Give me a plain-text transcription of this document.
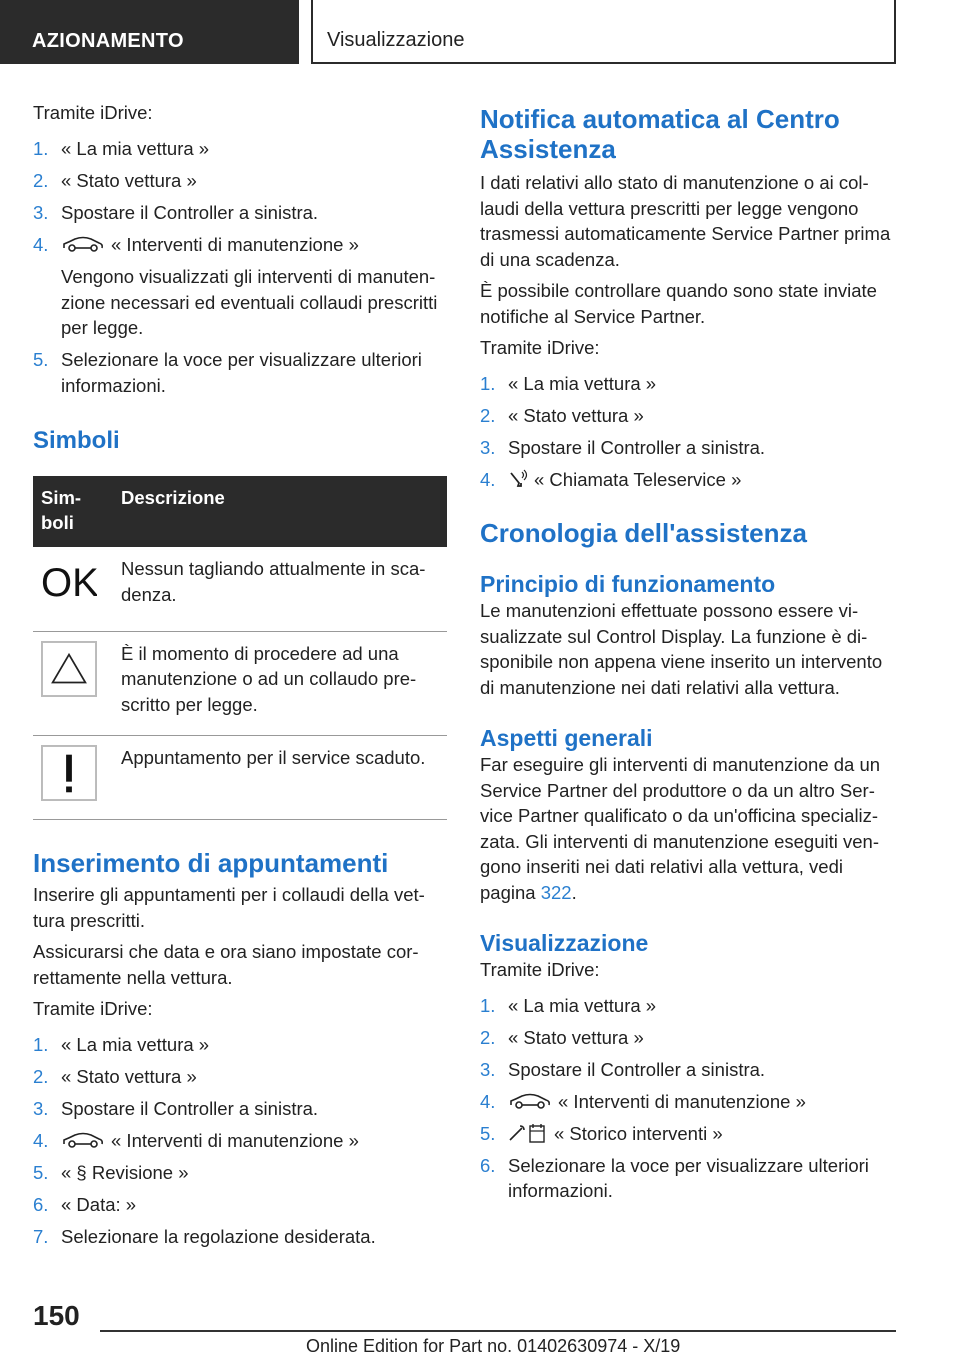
AZIONAMENTO	Visualizzazione

Tramite iDrive:

1. « La mia vettura »
2. « Stato vettura »
3. Spostare il Controller a sinistra.
4.	« Interventi di manutenzione »
Vengono visualizzati gli interventi di manuten-zione necessari ed eventuali collaudi prescritti per legge.
5. Selezionare la voce per visualizzare ulteriori informazioni.
Simboli
Sim-boli	Descrizione

OK	Nessun tagliando attualmente in sca-denza.

	È il momento di procedere ad una manutenzione o ad un collaudo pre-scritto per legge.

	Appuntamento per il service scaduto.
Inserimento di appuntamenti

Inserire gli appuntamenti per i collaudi della vet-tura prescritti.

Assicurarsi che data e ora siano impostate cor-rettamente nella vettura.

Tramite iDrive:

1. « La mia vettura »
2. « Stato vettura »
3. Spostare il Controller a sinistra.
4.	« Interventi di manutenzione »
5. « § Revisione »
6. « Data: »
7. Selezionare la regolazione desiderata.
Notifica automatica al Centro Assistenza

I dati relativi allo stato di manutenzione o ai col-laudi della vettura prescritti per legge vengono trasmessi automaticamente Service Partner prima di una scadenza.

È possibile controllare quando sono state inviate notifiche al Service Partner.

Tramite iDrive:

1. « La mia vettura »
2. « Stato vettura »
3. Spostare il Controller a sinistra.
4. « Chiamata Teleservice »
Cronologia dell'assistenza
Principio di funzionamento

Le manutenzioni effettuate possono essere vi-sualizzate sul Control Display. La funzione è di-sponibile non appena viene inserito un intervento di manutenzione nei dati relativi alla vettura.

Aspetti generali

Far eseguire gli interventi di manutenzione da un Service Partner del produttore o da un altro Ser-vice Partner qualificato o da un'officina specializ-zata. Gli interventi di manutenzione eseguiti ven-gono inseriti nei dati relativi alla vettura, vedi pagina 322.

Visualizzazione

Tramite iDrive:

1. « La mia vettura »
2. « Stato vettura »
3. Spostare il Controller a sinistra.
4.	« Interventi di manutenzione »
5.	« Storico interventi »
6. Selezionare la voce per visualizzare ulteriori informazioni.
150
Online Edition for Part no. 01402630974 - X/19
